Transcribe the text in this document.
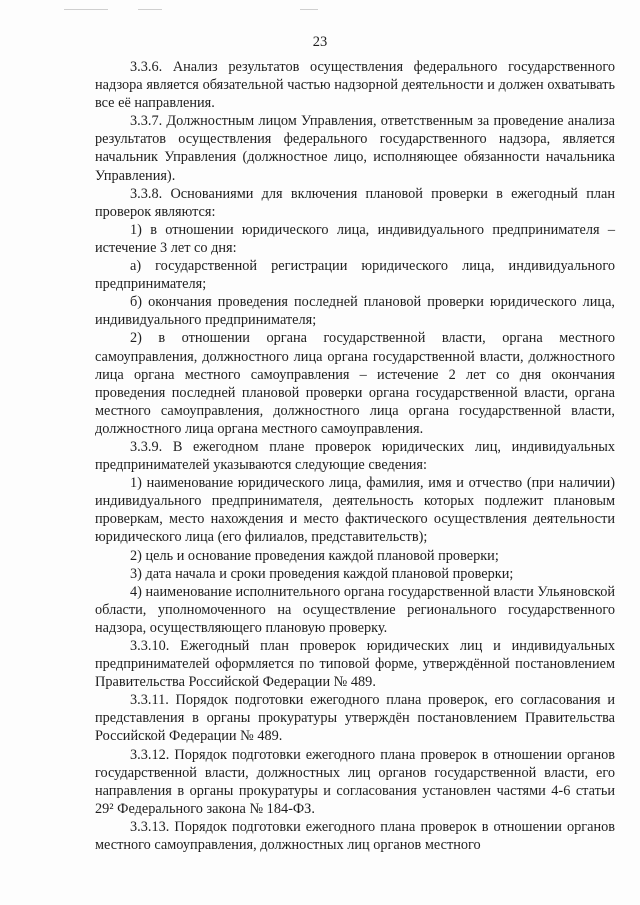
23

3.3.6. Анализ результатов осуществления федерального государственного надзора является обязательной частью надзорной деятельности и должен охватывать все её направления.

3.3.7. Должностным лицом Управления, ответственным за проведение анализа результатов осуществления федерального государственного надзора, является начальник Управления (должностное лицо, исполняющее обязанности начальника Управления).

3.3.8. Основаниями для включения плановой проверки в ежегодный план проверок являются:

1) в отношении юридического лица, индивидуального предпринимателя – истечение 3 лет со дня:

а) государственной регистрации юридического лица, индивидуального предпринимателя;

б) окончания проведения последней плановой проверки юридического лица, индивидуального предпринимателя;

2) в отношении органа государственной власти, органа местного самоуправления, должностного лица органа государственной власти, должностного лица органа местного самоуправления – истечение 2 лет со дня окончания проведения последней плановой проверки органа государственной власти, органа местного самоуправления, должностного лица органа государственной власти, должностного лица органа местного самоуправления.

3.3.9. В ежегодном плане проверок юридических лиц, индивидуальных предпринимателей указываются следующие сведения:

1) наименование юридического лица, фамилия, имя и отчество (при наличии) индивидуального предпринимателя, деятельность которых подлежит плановым проверкам, место нахождения и место фактического осуществления деятельности юридического лица (его филиалов, представительств);

2) цель и основание проведения каждой плановой проверки;

3) дата начала и сроки проведения каждой плановой проверки;

4) наименование исполнительного органа государственной власти Ульяновской области, уполномоченного на осуществление регионального государственного надзора, осуществляющего плановую проверку.

3.3.10. Ежегодный план проверок юридических лиц и индивидуальных предпринимателей оформляется по типовой форме, утверждённой постановлением Правительства Российской Федерации № 489.

3.3.11. Порядок подготовки ежегодного плана проверок, его согласования и представления в органы прокуратуры утверждён постановлением Правительства Российской Федерации № 489.

3.3.12. Порядок подготовки ежегодного плана проверок в отношении органов государственной власти, должностных лиц органов государственной власти, его направления в органы прокуратуры и согласования установлен частями 4-6 статьи 29² Федерального закона № 184-ФЗ.

3.3.13. Порядок подготовки ежегодного плана проверок в отношении органов местного самоуправления, должностных лиц органов местного
